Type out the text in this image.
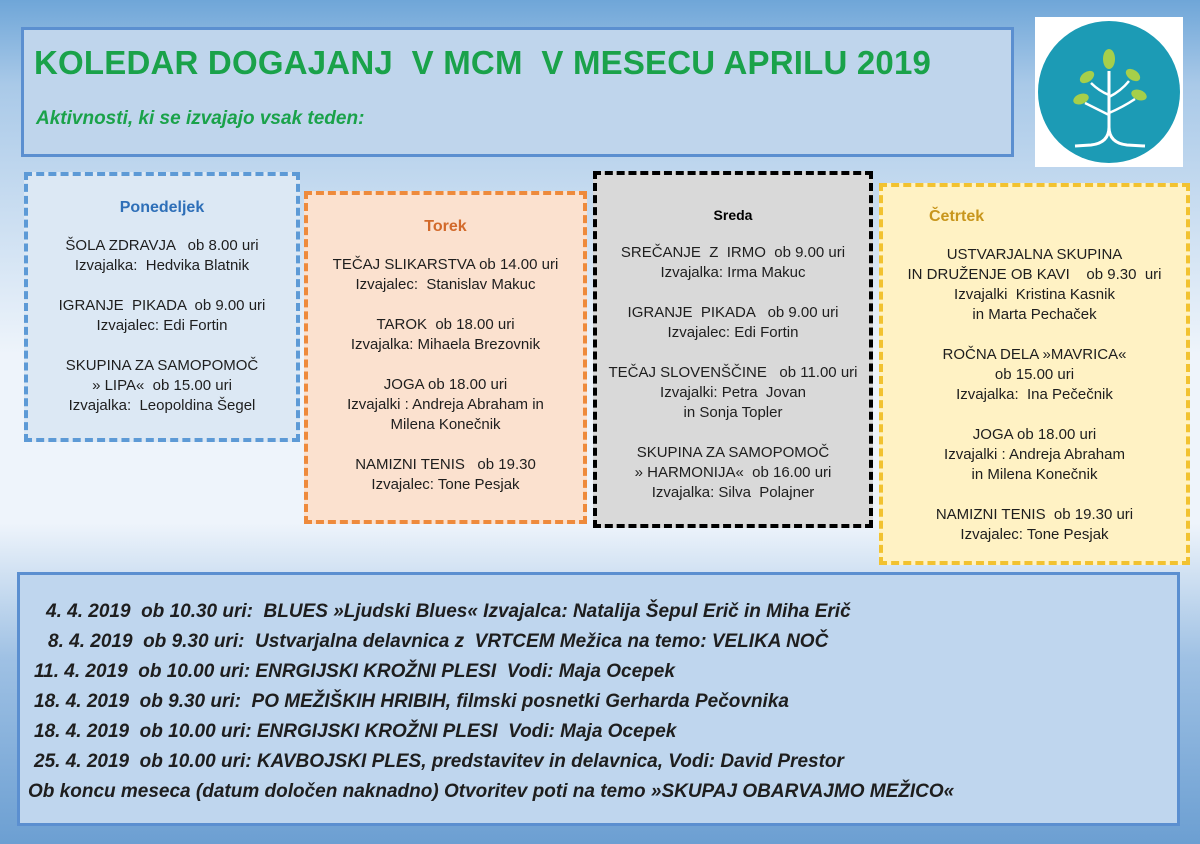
KOLEDAR DOGAJANJ  V MCM  V MESECU APRILU 2019
Aktivnosti, ki se izvajajo vsak teden:
Ponedeljek
ŠOLA ZDRAVJA   ob 8.00 uri
Izvajalka:  Hedvika Blatnik
IGRANJE  PIKADA  ob 9.00 uri
Izvajalec: Edi Fortin
SKUPINA ZA SAMOPOMOČ
» LIPA«  ob 15.00 uri
Izvajalka:  Leopoldina Šegel
Torek
TEČAJ SLIKARSTVA ob 14.00 uri
Izvajalec:  Stanislav Makuc
TAROK  ob 18.00 uri
Izvajalka: Mihaela Brezovnik
JOGA ob 18.00 uri
Izvajalki : Andreja Abraham in
Milena Konečnik
NAMIZNI TENIS   ob 19.30
Izvajalec: Tone Pesjak
Sreda
SREČANJE  Z  IRMO  ob 9.00 uri
Izvajalka: Irma Makuc
IGRANJE  PIKADA   ob 9.00 uri
Izvajalec: Edi Fortin
TEČAJ SLOVENŠČINE   ob 11.00 uri
Izvajalki: Petra  Jovan
in Sonja Topler
SKUPINA ZA SAMOPOMOČ
» HARMONIJA«  ob 16.00 uri
Izvajalka: Silva  Polajner
Četrtek
USTVARJALNA SKUPINA
IN DRUŽENJE OB KAVI    ob 9.30  uri
Izvajalki  Kristina Kasnik
in Marta Pechaček
ROČNA DELA »MAVRICA«
ob 15.00 uri
Izvajalka:  Ina Pečečnik
JOGA ob 18.00 uri
Izvajalki : Andreja Abraham
in Milena Konečnik
NAMIZNI TENIS  ob 19.30 uri
Izvajalec: Tone Pesjak
4. 4. 2019  ob 10.30 uri:  BLUES »Ljudski Blues« Izvajalca: Natalija Šepul Erič in Miha Erič
8. 4. 2019  ob 9.30 uri:  Ustvarjalna delavnica z  VRTCEM Mežica na temo: VELIKA NOČ
11. 4. 2019  ob 10.00 uri: ENRGIJSKI KROŽNI PLESI  Vodi: Maja Ocepek
18. 4. 2019  ob 9.30 uri:  PO MEŽIŠKIH HRIBIH, filmski posnetki Gerharda Pečovnika
18. 4. 2019  ob 10.00 uri: ENRGIJSKI KROŽNI PLESI  Vodi: Maja Ocepek
25. 4. 2019  ob 10.00 uri: KAVBOJSKI PLES, predstavitev in delavnica, Vodi: David Prestor
Ob koncu meseca (datum določen naknadno) Otvoritev poti na temo »SKUPAJ OBARVAJMO MEŽICO«
